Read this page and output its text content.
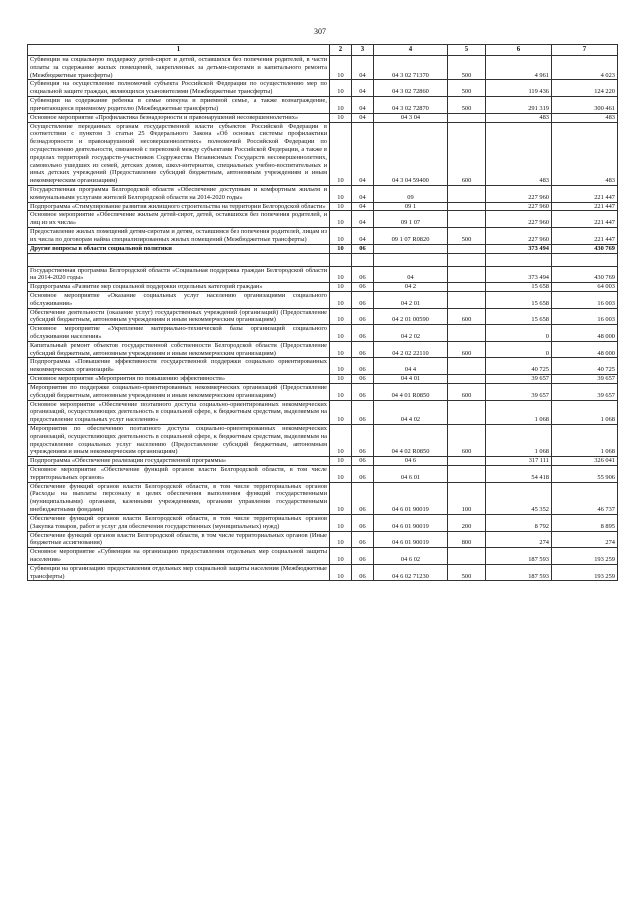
307
1	2	3	4	5	6	7
Субвенции на социальную поддержку детей-сирот и детей, оставшихся без попечения родителей, в части оплаты за содержание жилых помещений, закрепленных за детьми-сиротами и капитального ремонта (Межбюджетные трансферты)	10	04	04 3 02 71370	500	4 961	4 023
Субвенция на осуществление полномочий субъекта Российской Федерации по осуществлению мер по социальной защите граждан, являющихся усыновителями (Межбюджетные трансферты)	10	04	04 3 02 72860	500	119 436	124 220
Субвенции на содержание ребенка в семье опекуна и приемной семье, а также вознаграждение, причитающееся приемному родителю (Межбюджетные трансферты)	10	04	04 3 02 72870	500	291 319	300 461
Основное мероприятие «Профилактика безнадзорности и правонарушений несовершеннолетних»	10	04	04 3 04		483	483
Осуществление переданных органам государственной власти субъектов Российской Федерации в соответствии с пунктом 3 статьи 25 Федерального Закона «Об основах системы профилактики безнадзорности и правонарушений несовершеннолетних» полномочий Российской Федерации по осуществлению деятельности, связанной с перевозкой между субъектами Российской Федерации, а также в пределах территорий государств-участников Содружества Независимых Государств несовершеннолетних, самовольно ушедших из семей, детских домов, школ-интернатов, специальных учебно-воспитательных и иных детских учреждений (Предоставление субсидий бюджетным, автономным учреждениям и иным некоммерческим организациям)	10	04	04 3 04 59400	600	483	483
Государственная программа Белгородской области «Обеспечение доступным и комфортным жильем и коммунальными услугами жителей Белгородской области на 2014-2020 годы»	10	04	09		227 960	221 447
Подпрограмма «Стимулирование развития жилищного строительства на территории Белгородской области»	10	04	09 1		227 960	221 447
Основное мероприятие «Обеспечение жильем детей-сирот, детей, оставшихся без попечения родителей, и лиц из их числа»	10	04	09 1 07		227 960	221 447
Предоставление жилых помещений детям-сиротам и детям, оставшимся без попечения родителей, лицам из их числа по договорам найма специализированных жилых помещений (Межбюджетные трансферты)	10	04	09 1 07 R0820	500	227 960	221 447
Другие вопросы в области социальной политики	10	06			373 494	430 769

Государственная программа Белгородской области «Социальная поддержка граждан Белгородской области на 2014-2020 годы»	10	06	04		373 494	430 769
Подпрограмма «Развитие мер социальной поддержки отдельных категорий граждан»	10	06	04 2		15 658	64 003
Основное мероприятие «Оказание социальных услуг населению организациями социального обслуживания»	10	06	04 2 01		15 658	16 003
Обеспечение деятельности (оказание услуг) государственных учреждений (организаций) (Предоставление субсидий бюджетным, автономным учреждениям и иным некоммерческим организациям)	10	06	04 2 01 00590	600	15 658	16 003
Основное мероприятие «Укрепление материально-технической базы организаций социального обслуживания населения»	10	06	04 2 02		0	48 000
Капитальный ремонт объектов государственной собственности Белгородской области (Предоставление субсидий бюджетным, автономным учреждениям и иным некоммерческим организациям)	10	06	04 2 02 22110	600	0	48 000
Подпрограмма «Повышение эффективности государственной поддержки социально ориентированных некоммерческих организаций»	10	06	04 4		40 725	40 725
Основное мероприятие «Мероприятия по повышению эффективности»	10	06	04 4 01		39 657	39 657
Мероприятия по поддержке социально-ориентированных некоммерческих организаций (Предоставление субсидий бюджетным, автономным учреждениям и иным некоммерческим организациям)	10	06	04 4 01 R0850	600	39 657	39 657
Основное мероприятие «Обеспечение поэтапного доступа социально-ориентированных некоммерческих организаций, осуществляющих деятельность в социальной сфере, к бюджетным средствам, выделяемым на предоставление социальных услуг населению»	10	06	04 4 02		1 068	1 068
Мероприятия по обеспечению поэтапного доступа социально-ориентированных некоммерческих организаций, осуществляющих деятельность в социальной сфере, к бюджетным средствам, выделяемым на предоставление социальных услуг населению (Предоставление субсидий бюджетным, автономным учреждениям и иным некоммерческим организациям)	10	06	04 4 02 R0850	600	1 068	1 068
Подпрограмма «Обеспечение реализации государственной программы»	10	06	04 6		317 111	326 041
Основное мероприятие «Обеспечение функций органов власти Белгородской области, в том числе территориальных органов»	10	06	04 6 01		54 418	55 906
Обеспечение функций органов власти Белгородской области, в том числе территориальных органов (Расходы на выплаты персоналу в целях обеспечения выполнения функций государственными (муниципальными) органами, казенными учреждениями, органами управления государственными внебюджетными фондами)	10	06	04 6 01 90019	100	45 352	46 737
Обеспечение функций органов власти Белгородской области, в том числе территориальных органов (Закупка товаров, работ и услуг для обеспечения государственных (муниципальных) нужд)	10	06	04 6 01 90019	200	8 792	8 895
Обеспечение функций органов власти Белгородской области, в том числе территориальных органов (Иные бюджетные ассигнования)	10	06	04 6 01 90019	800	274	274
Основное мероприятие «Субвенции на организацию предоставления отдельных мер социальной защиты населения»	10	06	04 6 02		187 593	193 259
Субвенции на организацию предоставления отдельных мер социальной защиты населения (Межбюджетные трансферты)	10	06	04 6 02 71230	500	187 593	193 259
